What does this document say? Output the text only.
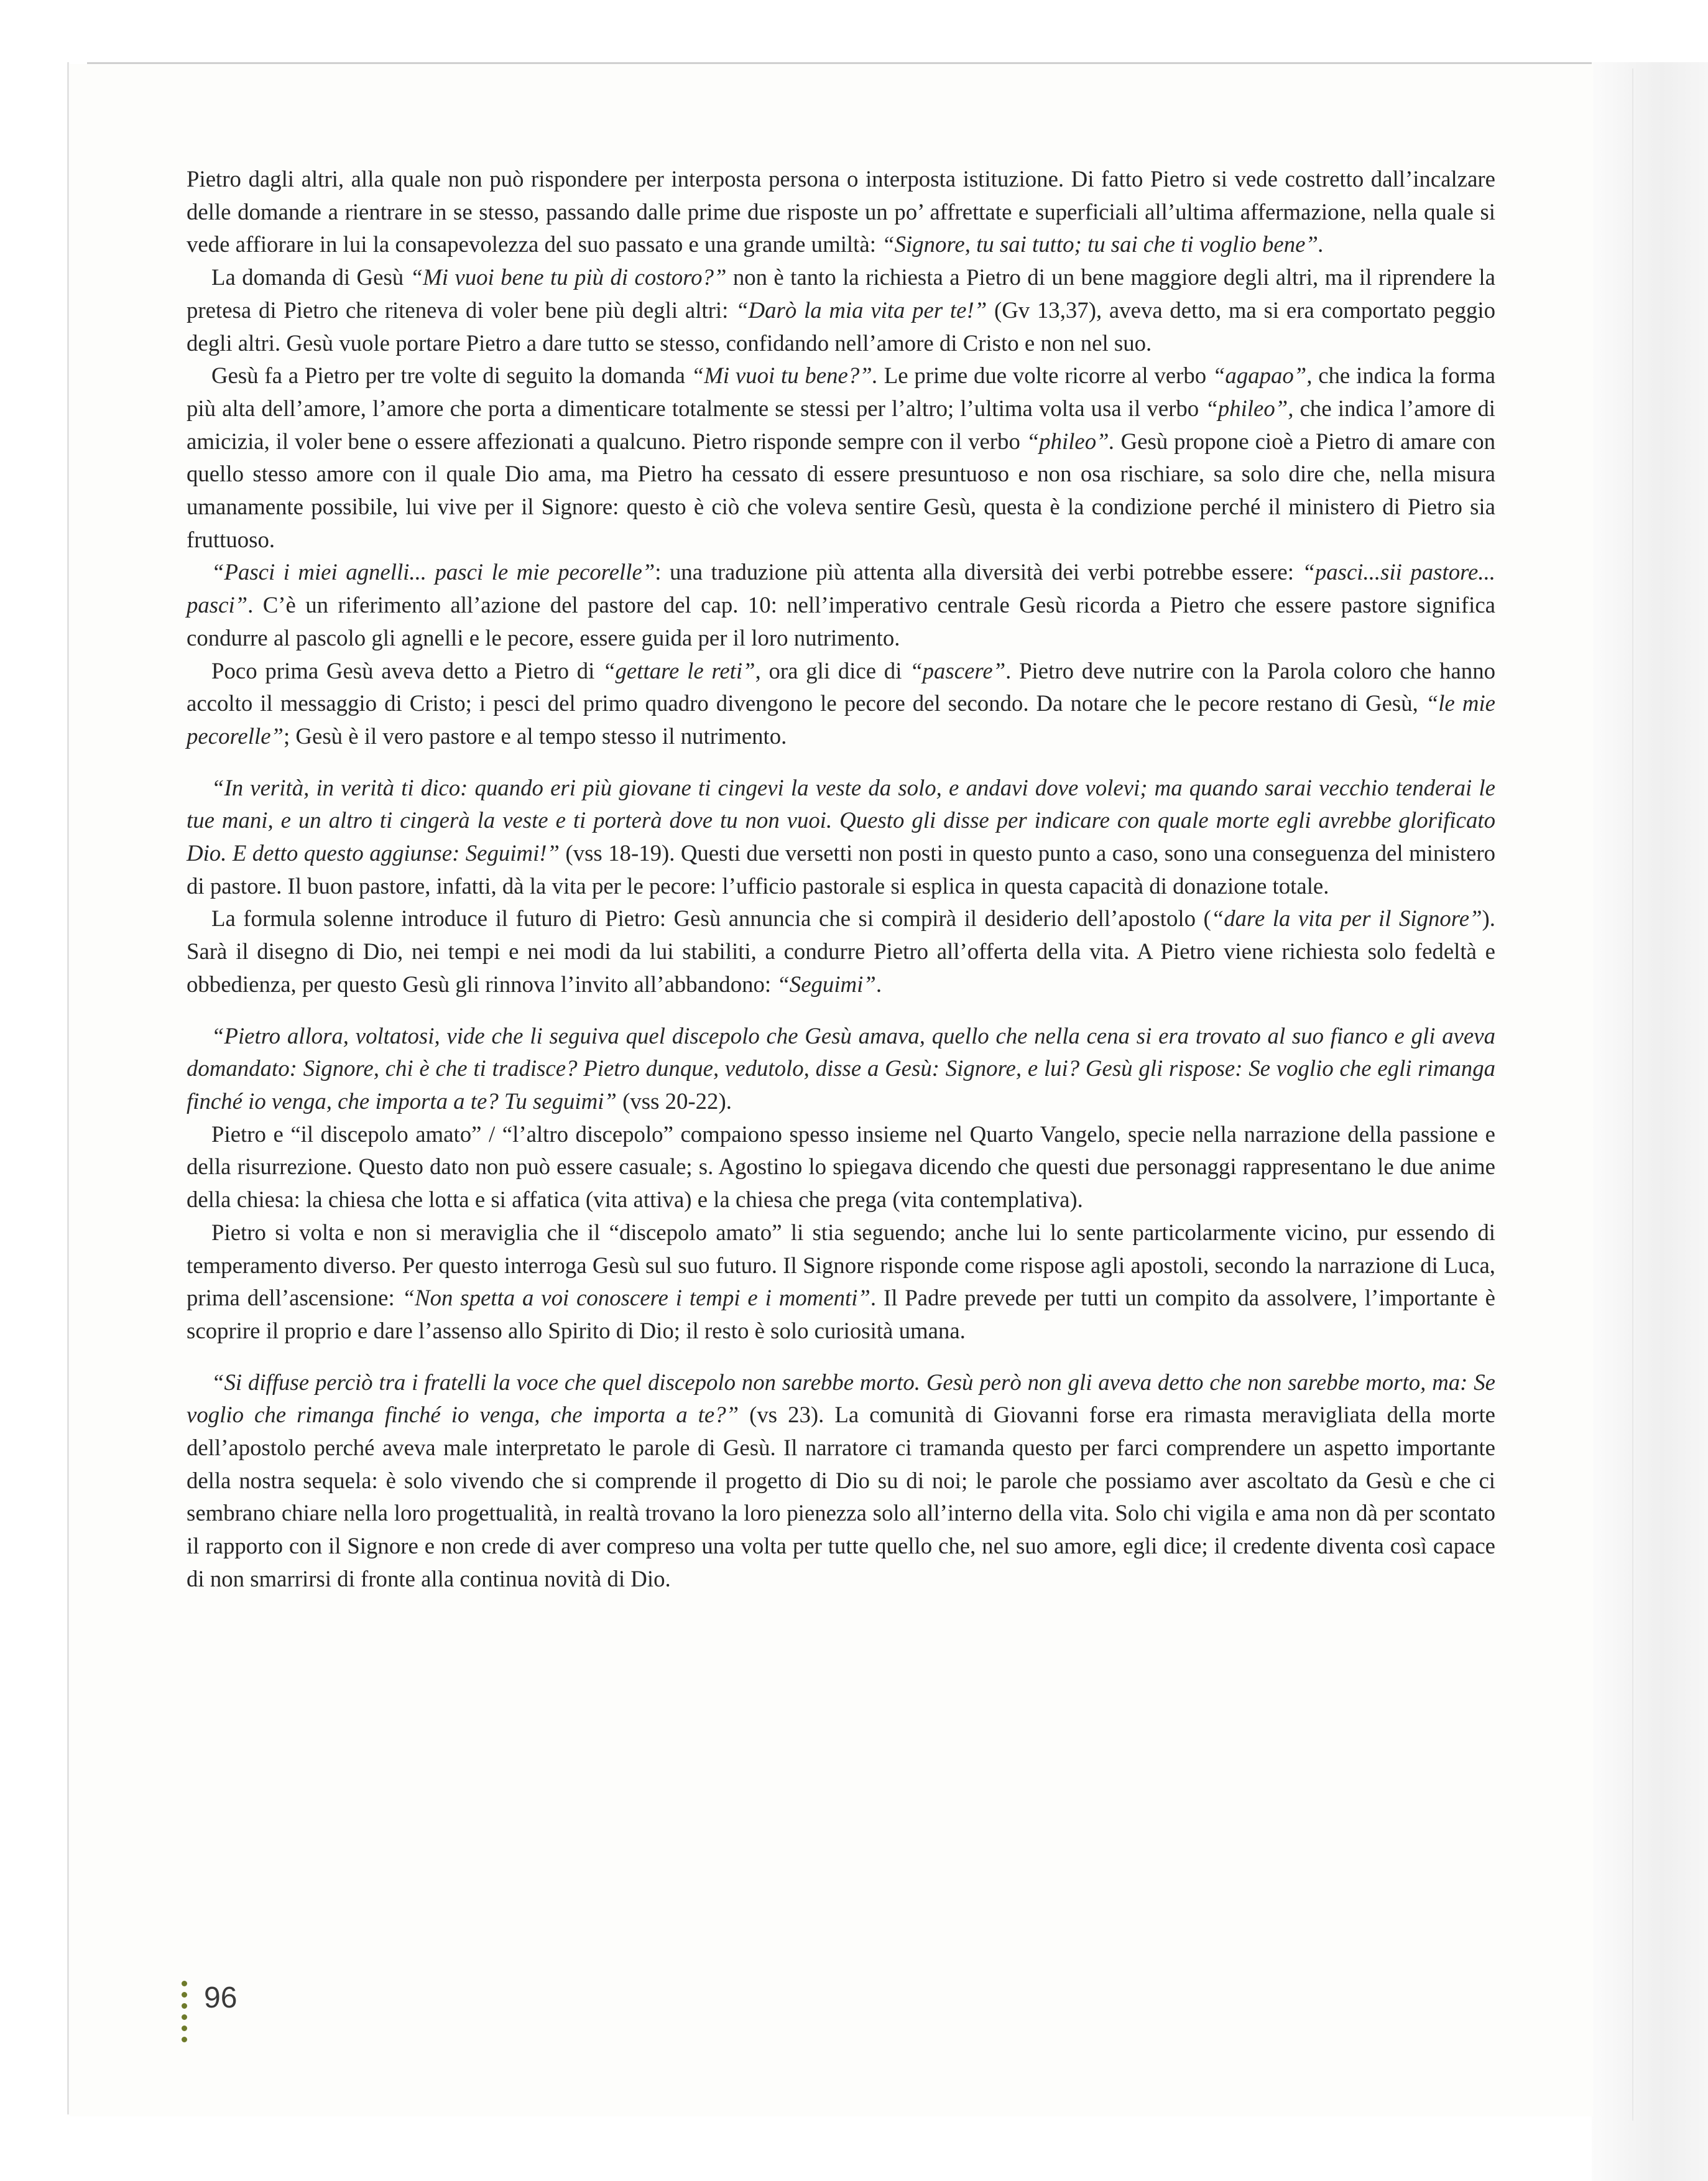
Pietro dagli altri, alla quale non può rispondere per interposta persona o interposta istituzione. Di fatto Pietro si vede costretto dall’incalzare delle domande a rientrare in se stesso, passando dalle prime due risposte un po’ affrettate e superficiali all’ultima affermazione, nella quale si vede affiorare in lui la consapevolezza del suo passato e una grande umiltà: “Signore, tu sai tutto; tu sai che ti voglio bene”.

La domanda di Gesù “Mi vuoi bene tu più di costoro?” non è tanto la richiesta a Pietro di un bene maggiore degli altri, ma il riprendere la pretesa di Pietro che riteneva di voler bene più degli altri: “Darò la mia vita per te!” (Gv 13,37), aveva detto, ma si era comportato peggio degli altri. Gesù vuole portare Pietro a dare tutto se stesso, confidando nell’amore di Cristo e non nel suo.

Gesù fa a Pietro per tre volte di seguito la domanda “Mi vuoi tu bene?”. Le prime due volte ricorre al verbo “agapao”, che indica la forma più alta dell’amore, l’amore che porta a dimenticare totalmente se stessi per l’altro; l’ultima volta usa il verbo “phileo”, che indica l’amore di amicizia, il voler bene o essere affezionati a qualcuno. Pietro risponde sempre con il verbo “phileo”. Gesù propone cioè a Pietro di amare con quello stesso amore con il quale Dio ama, ma Pietro ha cessato di essere presuntuoso e non osa rischiare, sa solo dire che, nella misura umanamente possibile, lui vive per il Signore: questo è ciò che voleva sentire Gesù, questa è la condizione perché il ministero di Pietro sia fruttuoso.

“Pasci i miei agnelli... pasci le mie pecorelle”: una traduzione più attenta alla diversità dei verbi potrebbe essere: “pasci...sii pastore... pasci”. C’è un riferimento all’azione del pastore del cap. 10: nell’imperativo centrale Gesù ricorda a Pietro che essere pastore significa condurre al pascolo gli agnelli e le pecore, essere guida per il loro nutrimento.

Poco prima Gesù aveva detto a Pietro di “gettare le reti”, ora gli dice di “pascere”. Pietro deve nutrire con la Parola coloro che hanno accolto il messaggio di Cristo; i pesci del primo quadro divengono le pecore del secondo. Da notare che le pecore restano di Gesù, “le mie pecorelle”; Gesù è il vero pastore e al tempo stesso il nutrimento.

“In verità, in verità ti dico: quando eri più giovane ti cingevi la veste da solo, e andavi dove volevi; ma quando sarai vecchio tenderai le tue mani, e un altro ti cingerà la veste e ti porterà dove tu non vuoi. Questo gli disse per indicare con quale morte egli avrebbe glorificato Dio. E detto questo aggiunse: Seguimi!” (vss 18-19). Questi due versetti non posti in questo punto a caso, sono una conseguenza del ministero di pastore. Il buon pastore, infatti, dà la vita per le pecore: l’ufficio pastorale si esplica in questa capacità di donazione totale.

La formula solenne introduce il futuro di Pietro: Gesù annuncia che si compirà il desiderio dell’apostolo (“dare la vita per il Signore”). Sarà il disegno di Dio, nei tempi e nei modi da lui stabiliti, a condurre Pietro all’offerta della vita. A Pietro viene richiesta solo fedeltà e obbedienza, per questo Gesù gli rinnova l’invito all’abbandono: “Seguimi”.

“Pietro allora, voltatosi, vide che li seguiva quel discepolo che Gesù amava, quello che nella cena si era trovato al suo fianco e gli aveva domandato: Signore, chi è che ti tradisce? Pietro dunque, vedutolo, disse a Gesù: Signore, e lui? Gesù gli rispose: Se voglio che egli rimanga finché io venga, che importa a te? Tu seguimi” (vss 20-22).

Pietro e “il discepolo amato” / “l’altro discepolo” compaiono spesso insieme nel Quarto Vangelo, specie nella narrazione della passione e della risurrezione. Questo dato non può essere casuale; s. Agostino lo spiegava dicendo che questi due personaggi rappresentano le due anime della chiesa: la chiesa che lotta e si affatica (vita attiva) e la chiesa che prega (vita contemplativa).

Pietro si volta e non si meraviglia che il “discepolo amato” li stia seguendo; anche lui lo sente particolarmente vicino, pur essendo di temperamento diverso. Per questo interroga Gesù sul suo futuro. Il Signore risponde come rispose agli apostoli, secondo la narrazione di Luca, prima dell’ascensione: “Non spetta a voi conoscere i tempi e i momenti”. Il Padre prevede per tutti un compito da assolvere, l’importante è scoprire il proprio e dare l’assenso allo Spirito di Dio; il resto è solo curiosità umana.

“Si diffuse perciò tra i fratelli la voce che quel discepolo non sarebbe morto. Gesù però non gli aveva detto che non sarebbe morto, ma: Se voglio che rimanga finché io venga, che importa a te?” (vs 23). La comunità di Giovanni forse era rimasta meravigliata della morte dell’apostolo perché aveva male interpretato le parole di Gesù. Il narratore ci tramanda questo per farci comprendere un aspetto importante della nostra sequela: è solo vivendo che si comprende il progetto di Dio su di noi; le parole che possiamo aver ascoltato da Gesù e che ci sembrano chiare nella loro progettualità, in realtà trovano la loro pienezza solo all’interno della vita. Solo chi vigila e ama non dà per scontato il rapporto con il Signore e non crede di aver compreso una volta per tutte quello che, nel suo amore, egli dice; il credente diventa così capace di non smarrirsi di fronte alla continua novità di Dio.

96
